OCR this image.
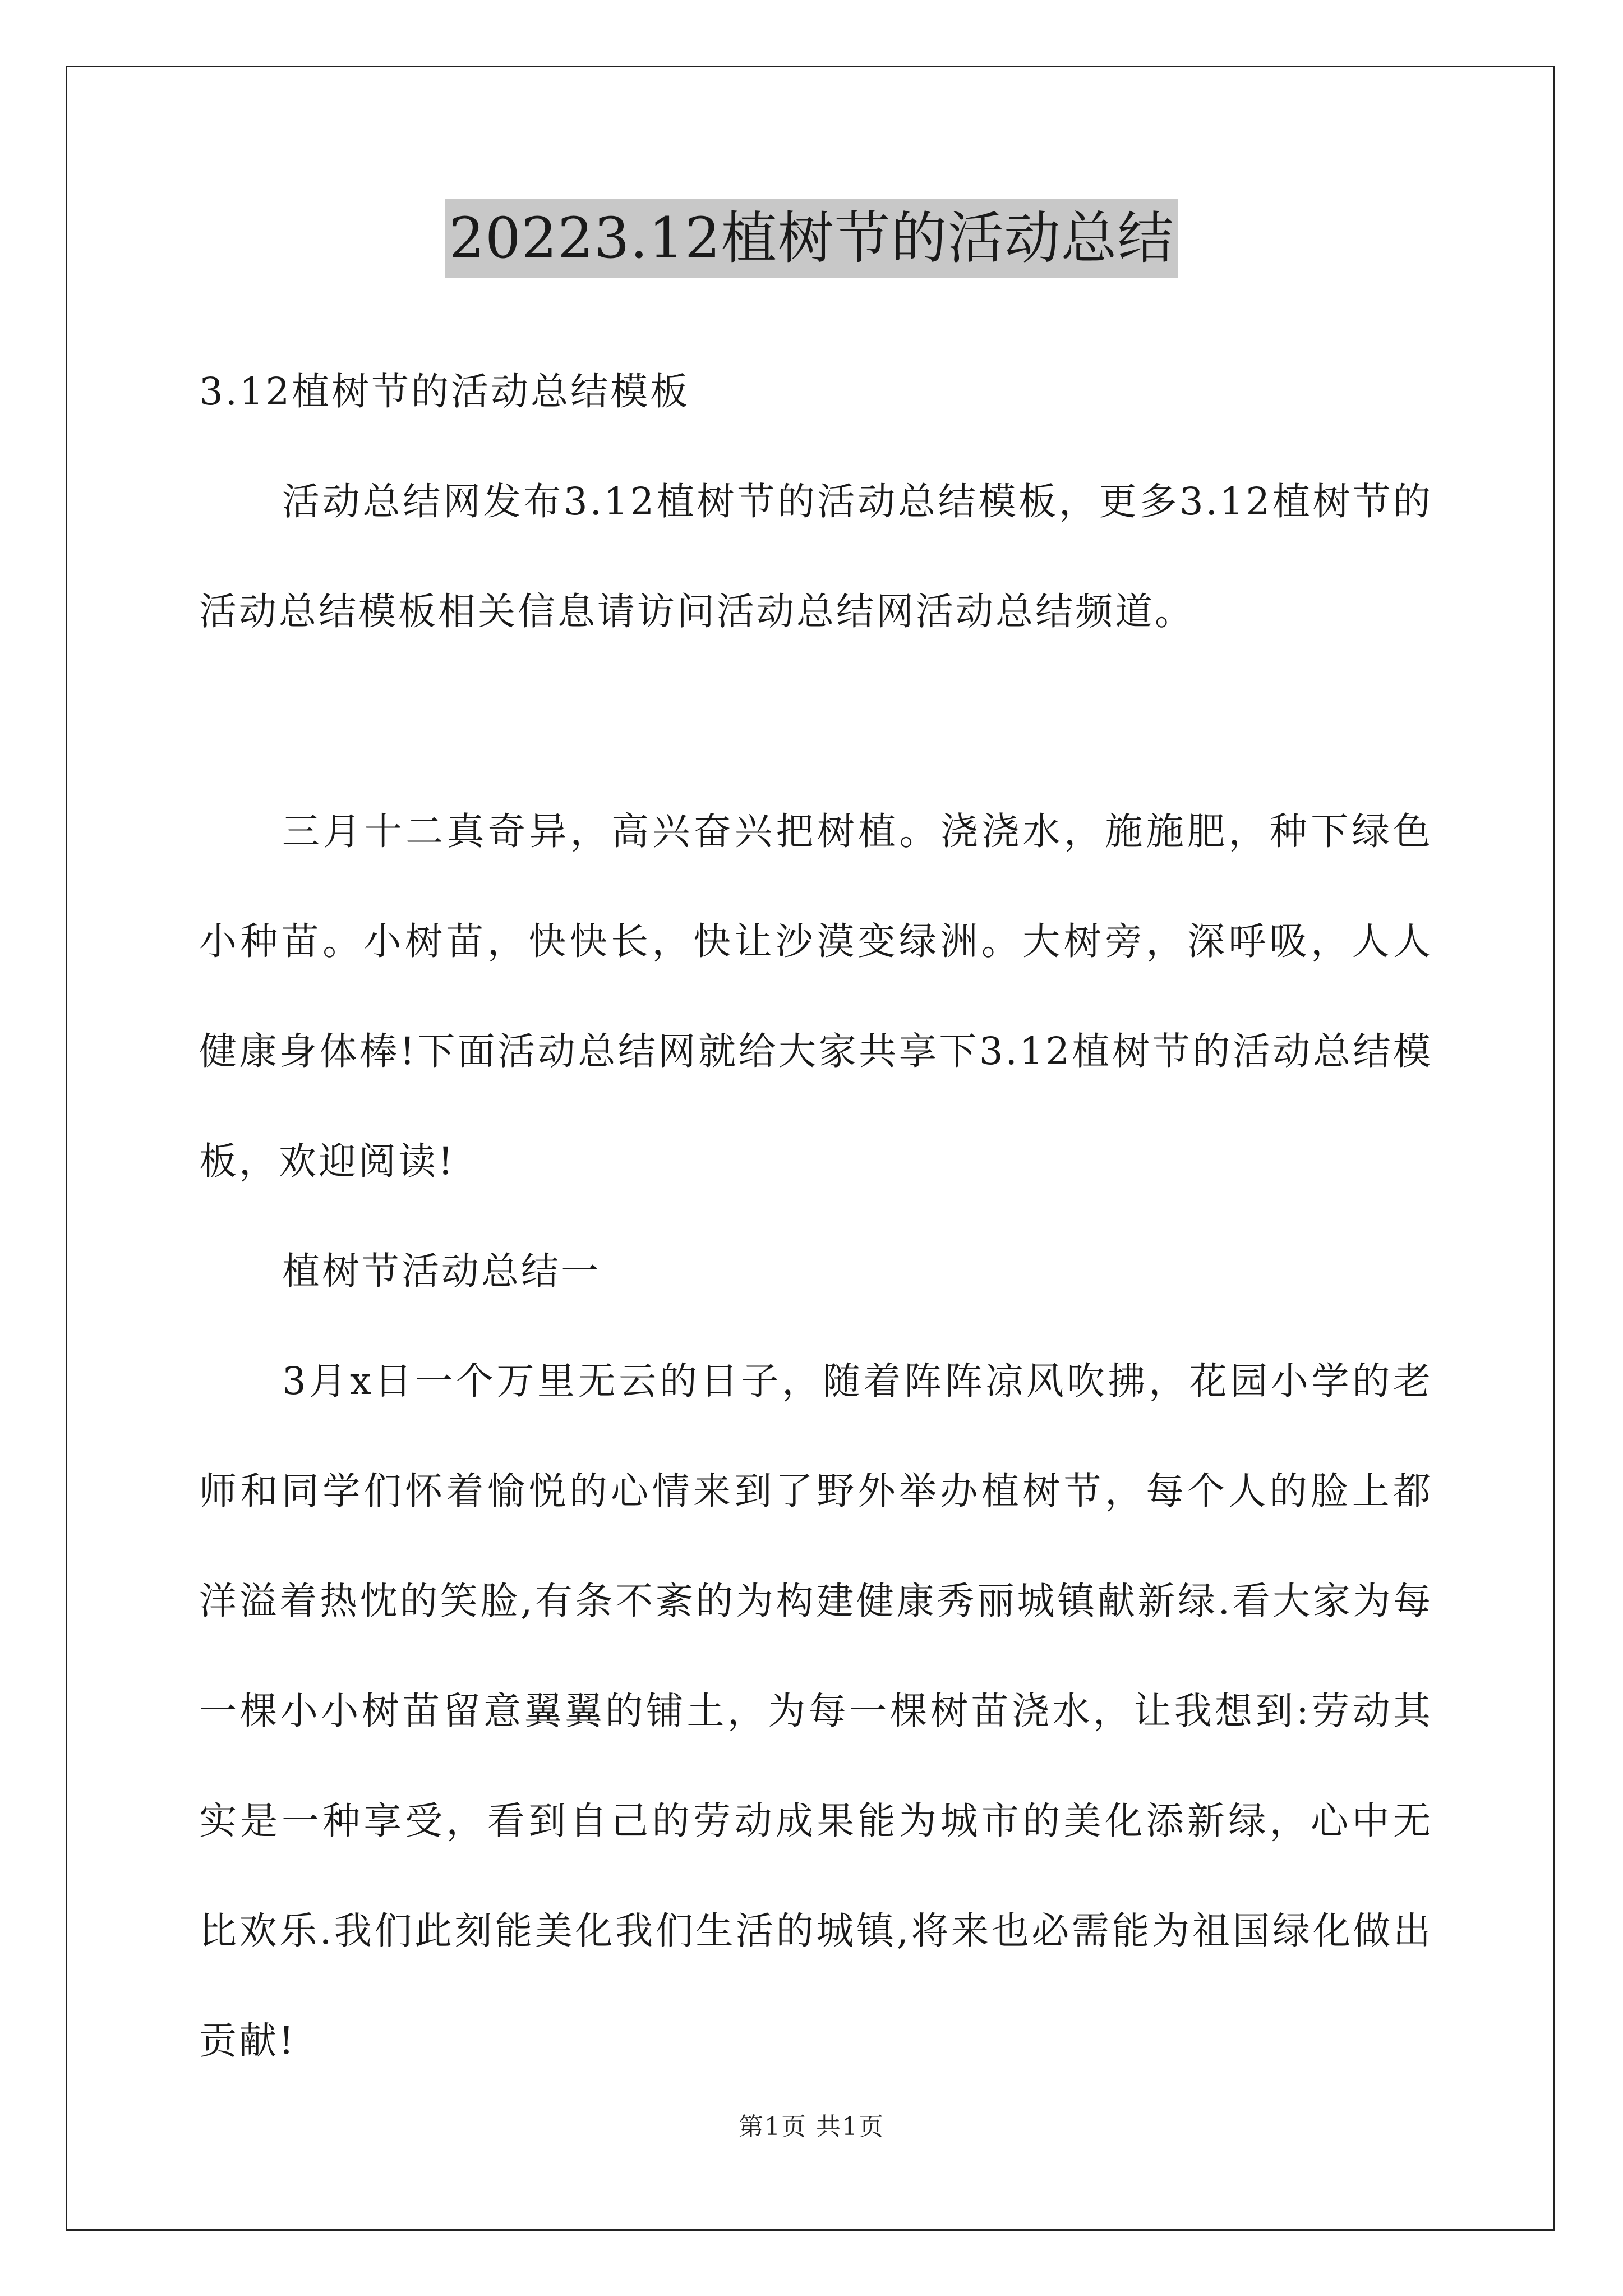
20223.12植树节的活动总结

3.12植树节的活动总结模板

活动总结网发布3.12植树节的活动总结模板，更多3.12植树节的活动总结模板相关信息请访问活动总结网活动总结频道。

三月十二真奇异，高兴奋兴把树植。浇浇水，施施肥，种下绿色小种苗。小树苗，快快长，快让沙漠变绿洲。大树旁，深呼吸，人人健康身体棒!下面活动总结网就给大家共享下3.12植树节的活动总结模板，欢迎阅读!

植树节活动总结一

3月x日一个万里无云的日子，随着阵阵凉风吹拂，花园小学的老师和同学们怀着愉悦的心情来到了野外举办植树节，每个人的脸上都洋溢着热忱的笑脸,有条不紊的为构建健康秀丽城镇献新绿.看大家为每一棵小小树苗留意翼翼的铺土，为每一棵树苗浇水，让我想到:劳动其实是一种享受，看到自己的劳动成果能为城市的美化添新绿，心中无比欢乐.我们此刻能美化我们生活的城镇,将来也必需能为祖国绿化做出贡献!

第1页 共1页
